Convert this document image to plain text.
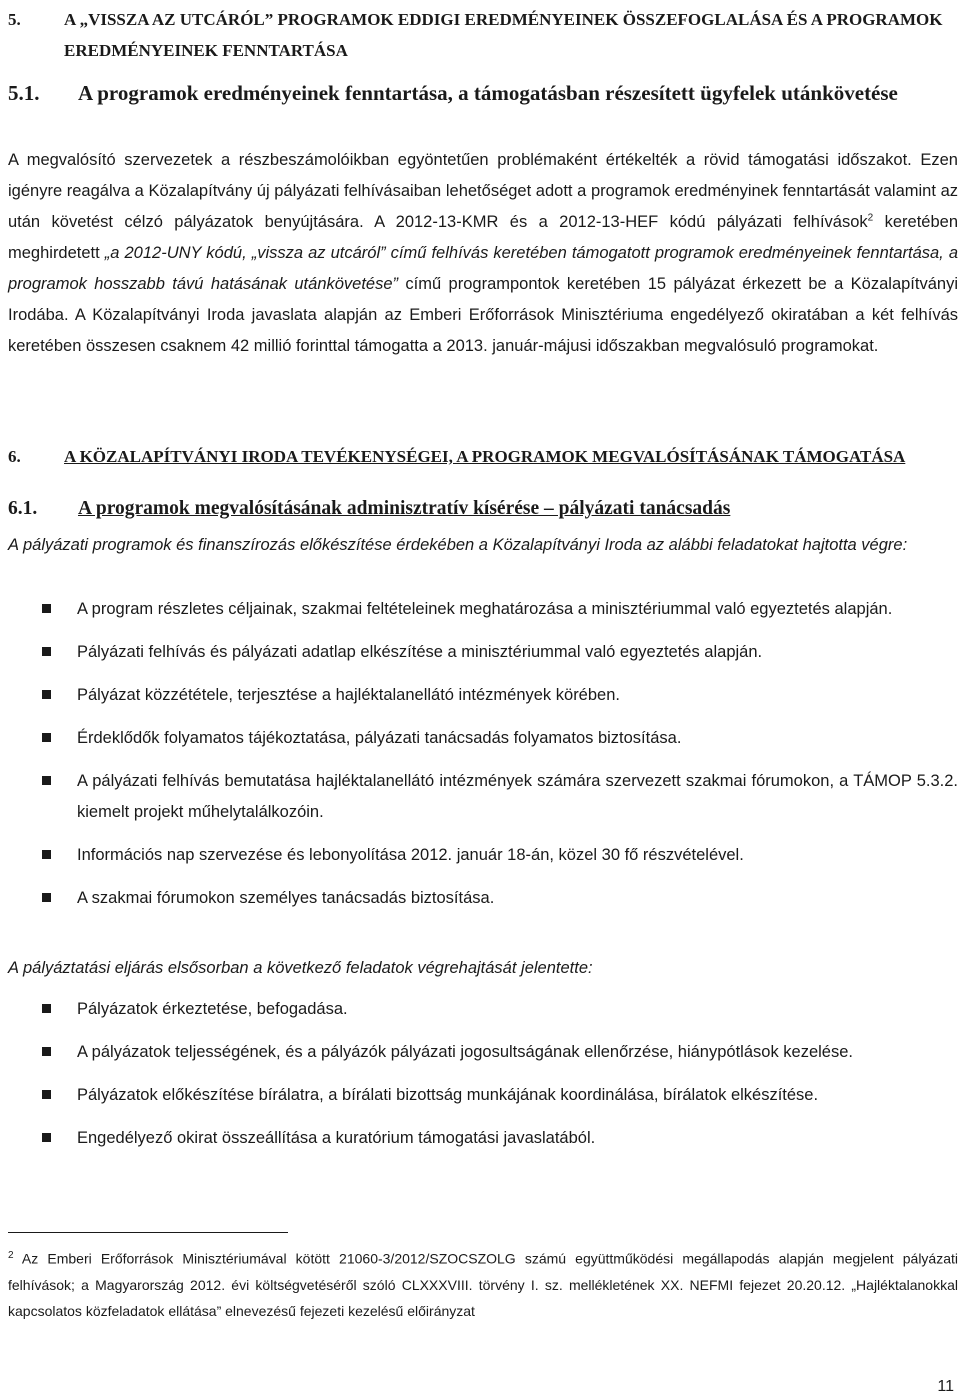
5.	A „VISSZA AZ UTCÁRÓL” PROGRAMOK EDDIGI EREDMÉNYEINEK ÖSSZEFOGLALÁSA ÉS A PROGRAMOK EREDMÉNYEINEK FENNTARTÁSA
5.1. A programok eredményeinek fenntartása, a támogatásban részesített ügyfelek utánkövetése

A megvalósító szervezetek a részbeszámolóikban egyöntetűen problémaként értékelték a rövid támogatási időszakot. Ezen igényre reagálva a Közalapítvány új pályázati felhívásaiban lehetőséget adott a programok eredményinek fenntartását valamint az után követést célzó pályázatok benyújtására. A 2012-13-KMR és a 2012-13-HEF kódú pályázati felhívások$^2$ keretében meghirdetett „a 2012-UNY kódú, „vissza az utcáról” című felhívás keretében támogatott programok eredményeinek fenntartása, a programok hosszabb távú hatásának utánkövetése” című programpontok keretében 15 pályázat érkezett be a Közalapítványi Irodába. A Közalapítványi Iroda javaslata alapján az Emberi Erőforrások Minisztériuma engedélyező okiratában a két felhívás keretében összesen csaknem 42 millió forinttal támogatta a 2013. január-májusi időszakban megvalósuló programokat.

6.	A KÖZALAPÍTVÁNYI IRODA TEVÉKENYSÉGEI, A PROGRAMOK MEGVALÓSÍTÁSÁNAK TÁMOGATÁSA
6.1. A programok megvalósításának adminisztratív kísérése – pályázati tanácsadás

A pályázati programok és finanszírozás előkészítése érdekében a Közalapítványi Iroda az alábbi feladatokat hajtotta végre:

A program részletes céljainak, szakmai feltételeinek meghatározása a minisztériummal való egyeztetés alapján.
Pályázati felhívás és pályázati adatlap elkészítése a minisztériummal való egyeztetés alapján.
Pályázat közzététele, terjesztése a hajléktalanellátó intézmények körében.
Érdeklődők folyamatos tájékoztatása, pályázati tanácsadás folyamatos biztosítása.
A pályázati felhívás bemutatása hajléktalanellátó intézmények számára szervezett szakmai fórumokon, a TÁMOP 5.3.2. kiemelt projekt műhelytalálkozóin.
Információs nap szervezése és lebonyolítása 2012. január 18-án, közel 30 fő részvételével.
A szakmai fórumokon személyes tanácsadás biztosítása.

A pályáztatási eljárás elsősorban a következő feladatok végrehajtását jelentette:

Pályázatok érkeztetése, befogadása.
A pályázatok teljességének, és a pályázók pályázati jogosultságának ellenőrzése, hiánypótlások kezelése.
Pályázatok előkészítése bírálatra, a bírálati bizottság munkájának koordinálása, bírálatok elkészítése.
Engedélyező okirat összeállítása a kuratórium támogatási javaslatából.

$^2$ Az Emberi Erőforrások Minisztériumával kötött 21060-3/2012/SZOCSZOLG számú együttműködési megállapodás alapján megjelent pályázati felhívások; a Magyarország 2012. évi költségvetéséről szóló CLXXXVIII. törvény I. sz. mellékletének XX. NEFMI fejezet 20.20.12. „Hajléktalanokkal kapcsolatos közfeladatok ellátása” elnevezésű fejezeti kezelésű előirányzat

11
